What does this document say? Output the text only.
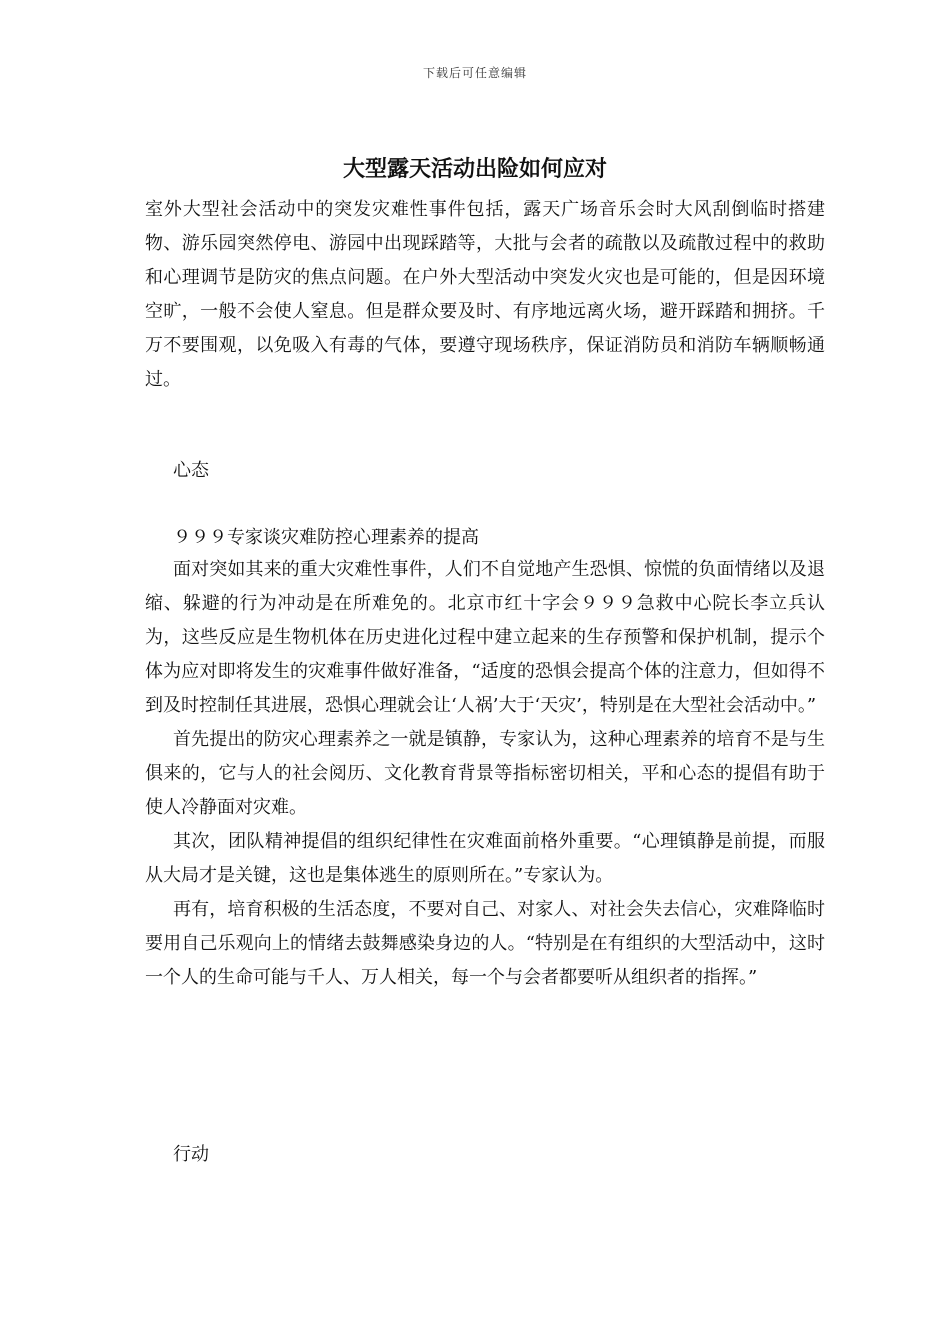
下载后可任意编辑
大型露天活动出险如何应对

室外大型社会活动中的突发灾难性事件包括，露天广场音乐会时大风刮倒临时搭建物、游乐园突然停电、游园中出现踩踏等，大批与会者的疏散以及疏散过程中的救助和心理调节是防灾的焦点问题。在户外大型活动中突发火灾也是可能的，但是因环境空旷，一般不会使人窒息。但是群众要及时、有序地远离火场，避开踩踏和拥挤。千万不要围观，以免吸入有毒的气体，要遵守现场秩序，保证消防员和消防车辆顺畅通过。

心态

９９９专家谈灾难防控心理素养的提高

面对突如其来的重大灾难性事件，人们不自觉地产生恐惧、惊慌的负面情绪以及退缩、躲避的行为冲动是在所难免的。北京市红十字会９９９急救中心院长李立兵认为，这些反应是生物机体在历史进化过程中建立起来的生存预警和保护机制，提示个体为应对即将发生的灾难事件做好准备，“适度的恐惧会提高个体的注意力，但如得不到及时控制任其进展，恐惧心理就会让‘人祸’大于‘天灾’，特别是在大型社会活动中。”

首先提出的防灾心理素养之一就是镇静，专家认为，这种心理素养的培育不是与生俱来的，它与人的社会阅历、文化教育背景等指标密切相关，平和心态的提倡有助于使人冷静面对灾难。

其次，团队精神提倡的组织纪律性在灾难面前格外重要。“心理镇静是前提，而服从大局才是关键，这也是集体逃生的原则所在。”专家认为。

再有，培育积极的生活态度，不要对自己、对家人、对社会失去信心，灾难降临时要用自己乐观向上的情绪去鼓舞感染身边的人。“特别是在有组织的大型活动中，这时一个人的生命可能与千人、万人相关，每一个与会者都要听从组织者的指挥。”

行动
